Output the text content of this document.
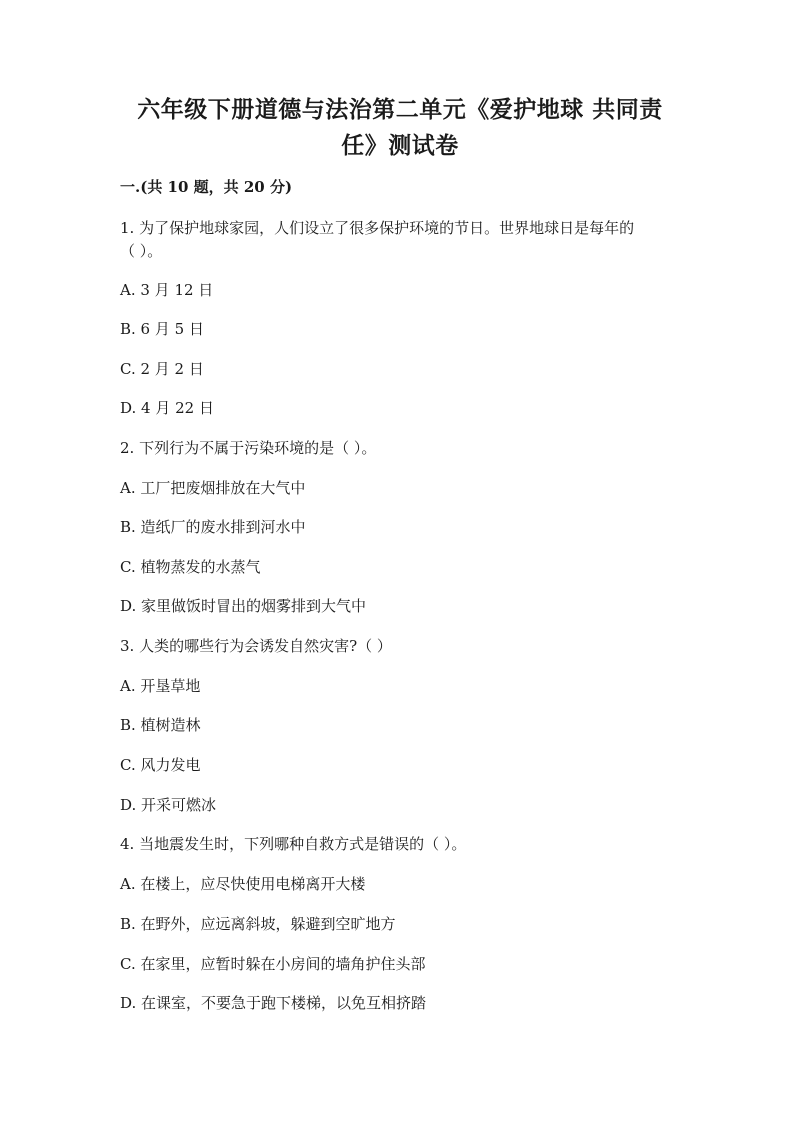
六年级下册道德与法治第二单元《爱护地球 共同责
任》测试卷
一.(共 10 题，共 20 分)
1. 为了保护地球家园，人们设立了很多保护环境的节日。世界地球日是每年的
（ ）。
A. 3 月 12 日
B. 6 月 5 日
C. 2 月 2 日
D. 4 月 22 日
2. 下列行为不属于污染环境的是（ ）。
A. 工厂把废烟排放在大气中
B. 造纸厂的废水排到河水中
C. 植物蒸发的水蒸气
D. 家里做饭时冒出的烟雾排到大气中
3. 人类的哪些行为会诱发自然灾害?（ ）
A. 开垦草地
B. 植树造林
C. 风力发电
D. 开采可燃冰
4. 当地震发生时，下列哪种自救方式是错误的（ ）。
A. 在楼上，应尽快使用电梯离开大楼
B. 在野外，应远离斜坡，躲避到空旷地方
C. 在家里，应暂时躲在小房间的墙角护住头部
D. 在课室，不要急于跑下楼梯，以免互相挤踏
